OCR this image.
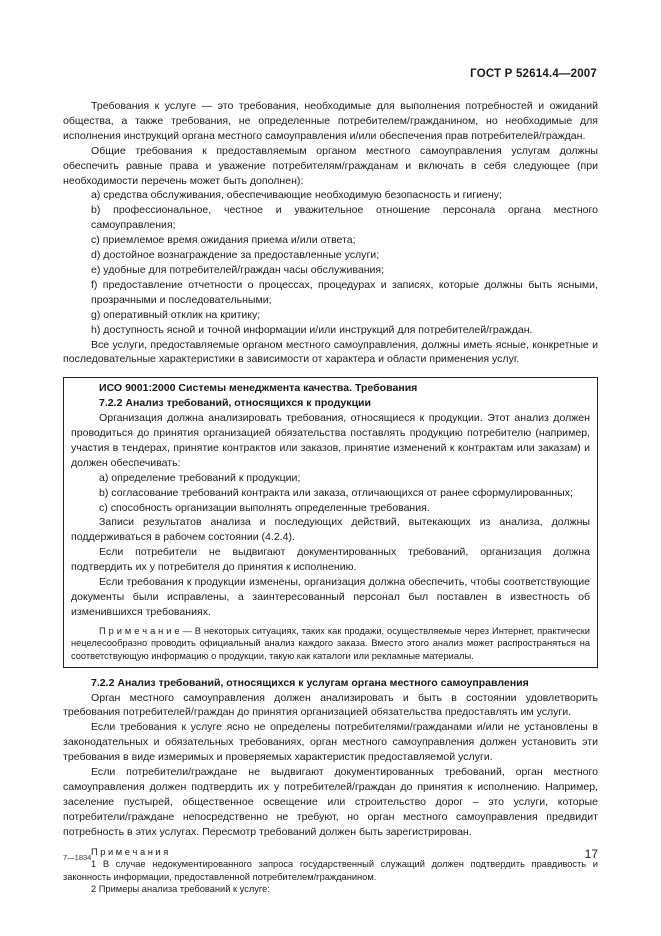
ГОСТ Р 52614.4—2007

Требования к услуге — это требования, необходимые для выполнения потребностей и ожиданий общества, а также требования, не определенные потребителем/гражданином, но необходимые для исполнения инструкций органа местного самоуправления и/или обеспечения прав потребителей/граждан.

Общие требования к предоставляемым органом местного самоуправления услугам должны обеспечить равные права и уважение потребителям/гражданам и включать в себя следующее (при необходимости перечень может быть дополнен):

a) средства обслуживания, обеспечивающие необходимую безопасность и гигиену;

b) профессиональное, честное и уважительное отношение персонала органа местного самоуправления;

c) приемлемое время ожидания приема и/или ответа;

d) достойное вознаграждение за предоставленные услуги;

e) удобные для потребителей/граждан часы обслуживания;

f) предоставление отчетности о процессах, процедурах и записях, которые должны быть ясными, прозрачными и последовательными;

g) оперативный отклик на критику;

h) доступность ясной и точной информации и/или инструкций для потребителей/граждан.

Все услуги, предоставляемые органом местного самоуправления, должны иметь ясные, конкретные и последовательные характеристики в зависимости от характера и области применения услуг.

ИСО 9001:2000 Системы менеджмента качества. Требования

7.2.2 Анализ требований, относящихся к продукции

Организация должна анализировать требования, относящиеся к продукции. Этот анализ должен проводиться до принятия организацией обязательства поставлять продукцию потребителю (например, участия в тендерах, принятие контрактов или заказов, принятие изменений к контрактам или заказам) и должен обеспечивать:

a) определение требований к продукции;

b) согласование требований контракта или заказа, отличающихся от ранее сформулированных;

c) способность организации выполнять определенные требования.

Записи результатов анализа и последующих действий, вытекающих из анализа, должны поддерживаться в рабочем состоянии (4.2.4).

Если потребители не выдвигают документированных требований, организация должна подтвердить их у потребителя до принятия к исполнению.

Если требования к продукции изменены, организация должна обеспечить, чтобы соответствующие документы были исправлены, а заинтересованный персонал был поставлен в известность об изменившихся требованиях.

П р и м е ч а н и е — В некоторых ситуациях, таких как продажи, осуществляемые через Интернет, практически нецелесообразно проводить официальный анализ каждого заказа. Вместо этого анализ может распространяться на соответствующую информацию о продукции, такую как каталоги или рекламные материалы.

7.2.2 Анализ требований, относящихся к услугам органа местного самоуправления

Орган местного самоуправления должен анализировать и быть в состоянии удовлетворить требования потребителей/граждан до принятия организацией обязательства предоставлять им услуги.

Если требования к услуге ясно не определены потребителями/гражданами и/или не установлены в законодательных и обязательных требованиях, орган местного самоуправления должен установить эти требования в виде измеримых и проверяемых характеристик предоставляемой услуги.

Если потребители/граждане не выдвигают документированных требований, орган местного самоуправления должен подтвердить их у потребителей/граждан до принятия к исполнению. Например, заселение пустырей, общественное освещение или строительство дорог – это услуги, которые потребители/граждане непосредственно не требуют, но орган местного самоуправления предвидит потребность в этих услугах. Пересмотр требований должен быть зарегистрирован.

П р и м е ч а н и я

1 В случае недокументированного запроса государственный служащий должен подтвердить правдивость и законность информации, предоставленной потребителем/гражданином.

2 Примеры анализа требований к услуге:

7—1834	17
